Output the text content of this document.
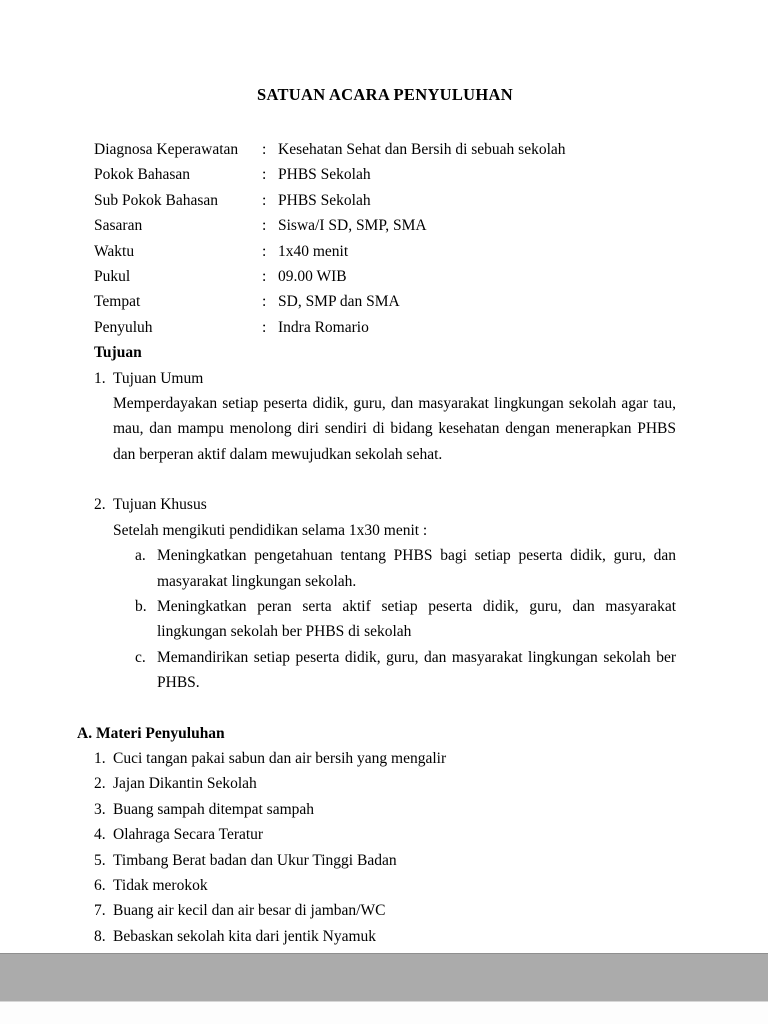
SATUAN ACARA PENYULUHAN
Diagnosa Keperawatan	: Kesehatan Sehat dan Bersih di sebuah sekolah
Pokok Bahasan	: PHBS Sekolah
Sub Pokok Bahasan	: PHBS Sekolah
Sasaran	: Siswa/I SD, SMP, SMA
Waktu	: 1x40 menit
Pukul	: 09.00 WIB
Tempat	: SD, SMP dan SMA
Penyuluh	: Indra Romario
Tujuan
1. Tujuan Umum

Memperdayakan setiap peserta didik, guru, dan masyarakat lingkungan sekolah agar tau, mau, dan mampu menolong diri sendiri di bidang kesehatan dengan menerapkan PHBS dan berperan aktif dalam mewujudkan sekolah sehat.

2. Tujuan Khusus

Setelah mengikuti pendidikan selama 1x30 menit :

a. Meningkatkan pengetahuan tentang PHBS bagi setiap peserta didik, guru, dan masyarakat lingkungan sekolah.
b. Meningkatkan peran serta aktif setiap peserta didik, guru, dan masyarakat lingkungan sekolah ber PHBS di sekolah
c. Memandirikan setiap peserta didik, guru, dan masyarakat lingkungan sekolah ber PHBS.
A. Materi Penyuluhan
1. Cuci tangan pakai sabun dan air bersih yang mengalir
2. Jajan Dikantin Sekolah
3. Buang sampah ditempat sampah
4. Olahraga Secara Teratur
5. Timbang Berat badan dan Ukur Tinggi Badan
6. Tidak merokok
7. Buang air kecil dan air besar di jamban/WC
8. Bebaskan sekolah kita dari jentik Nyamuk
